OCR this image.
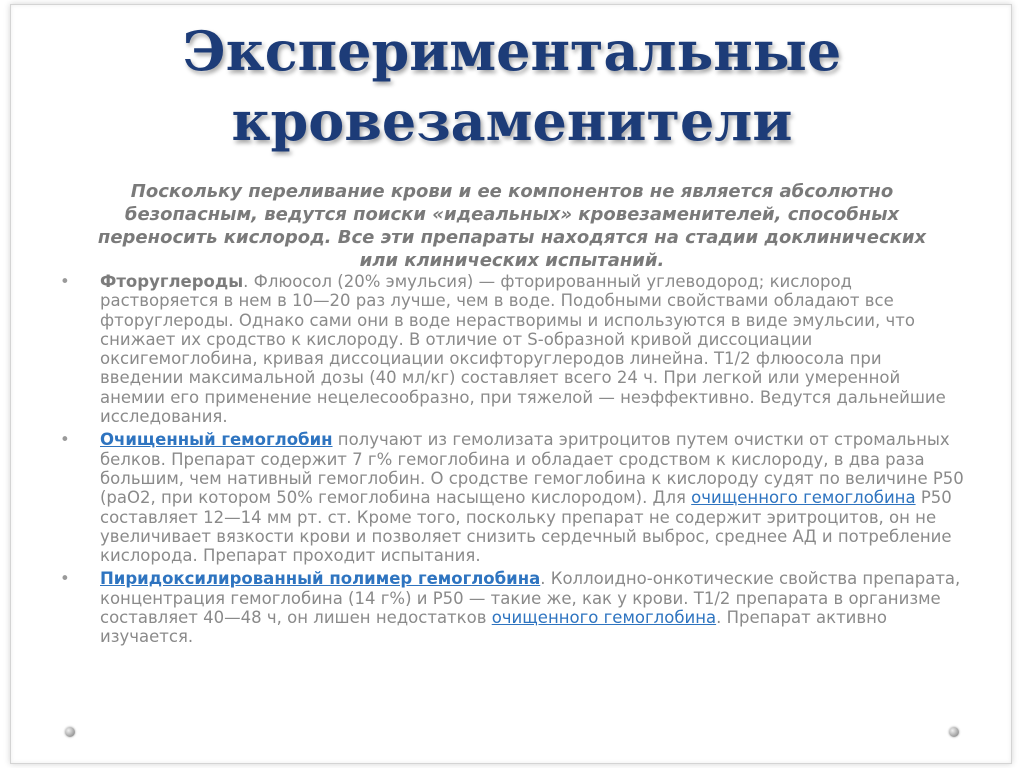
Экспериментальные
кровезаменители
Поскольку переливание крови и ее компонентов не является абсолютно безопасным, ведутся поиски «идеальных» кровезаменителей, способных переносить кислород. Все эти препараты находятся на стадии доклинических или клинических испытаний.
• Фторуглероды. Флюосол (20% эмульсия) — фторированный углеводород; кислород растворяется в нем в 10—20 раз лучше, чем в воде. Подобными свойствами обладают все фторуглероды. Однако сами они в воде нерастворимы и используются в виде эмульсии, что снижает их сродство к кислороду. В отличие от S-образной кривой диссоциации оксигемоглобина, кривая диссоциации оксифторуглеродов линейна. Т1/2 флюосола при введении максимальной дозы (40 мл/кг) составляет всего 24 ч. При легкой или умеренной анемии его применение нецелесообразно, при тяжелой — неэффективно. Ведутся дальнейшие исследования.
• Очищенный гемоглобин получают из гемолизата эритроцитов путем очистки от стромальных белков. Препарат содержит 7 г% гемоглобина и обладает сродством к кислороду, в два раза большим, чем нативный гемоглобин. О сродстве гемоглобина к кислороду судят по величине Р50 (раО2, при котором 50% гемоглобина насыщено кислородом). Для очищенного гемоглобина Р50 составляет 12—14 мм рт. ст. Кроме того, поскольку препарат не содержит эритроцитов, он не увеличивает вязкости крови и позволяет снизить сердечный выброс, среднее АД и потребление кислорода. Препарат проходит испытания.
• Пиридоксилированный полимер гемоглобина. Коллоидно-онкотические свойства препарата, концентрация гемоглобина (14 г%) и Р50 — такие же, как у крови. Т1/2 препарата в организме составляет 40—48 ч, он лишен недостатков очищенного гемоглобина. Препарат активно изучается.
